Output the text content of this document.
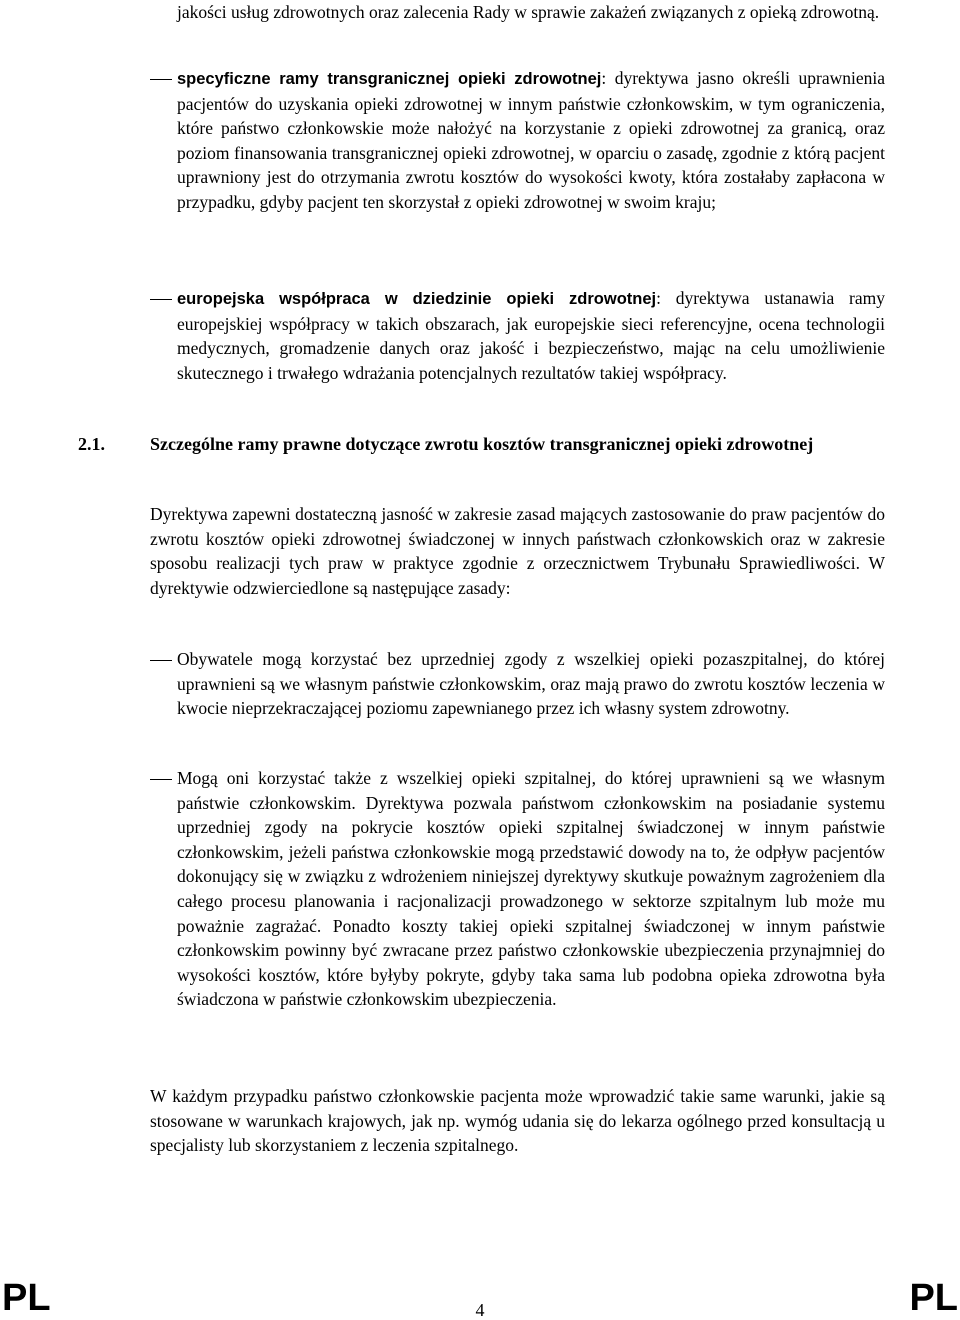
jakości usług zdrowotnych oraz zalecenia Rady w sprawie zakażeń związanych z opieką zdrowotną.

specyficzne ramy transgranicznej opieki zdrowotnej: dyrektywa jasno określi uprawnienia pacjentów do uzyskania opieki zdrowotnej w innym państwie członkowskim, w tym ograniczenia, które państwo członkowskie może nałożyć na korzystanie z opieki zdrowotnej za granicą, oraz poziom finansowania transgranicznej opieki zdrowotnej, w oparciu o zasadę, zgodnie z którą pacjent uprawniony jest do otrzymania zwrotu kosztów do wysokości kwoty, która zostałaby zapłacona w przypadku, gdyby pacjent ten skorzystał z opieki zdrowotnej w swoim kraju;

europejska współpraca w dziedzinie opieki zdrowotnej: dyrektywa ustanawia ramy europejskiej współpracy w takich obszarach, jak europejskie sieci referencyjne, ocena technologii medycznych, gromadzenie danych oraz jakość i bezpieczeństwo, mając na celu umożliwienie skutecznego i trwałego wdrażania potencjalnych rezultatów takiej współpracy.

2.1.	Szczególne ramy prawne dotyczące zwrotu kosztów transgranicznej opieki zdrowotnej

Dyrektywa zapewni dostateczną jasność w zakresie zasad mających zastosowanie do praw pacjentów do zwrotu kosztów opieki zdrowotnej świadczonej w innych państwach członkowskich oraz w zakresie sposobu realizacji tych praw w praktyce zgodnie z orzecznictwem Trybunału Sprawiedliwości. W dyrektywie odzwierciedlone są następujące zasady:

Obywatele mogą korzystać bez uprzedniej zgody z wszelkiej opieki pozaszpitalnej, do której uprawnieni są we własnym państwie członkowskim, oraz mają prawo do zwrotu kosztów leczenia w kwocie nieprzekraczającej poziomu zapewnianego przez ich własny system zdrowotny.

Mogą oni korzystać także z wszelkiej opieki szpitalnej, do której uprawnieni są we własnym państwie członkowskim. Dyrektywa pozwala państwom członkowskim na posiadanie systemu uprzedniej zgody na pokrycie kosztów opieki szpitalnej świadczonej w innym państwie członkowskim, jeżeli państwa członkowskie mogą przedstawić dowody na to, że odpływ pacjentów dokonujący się w związku z wdrożeniem niniejszej dyrektywy skutkuje poważnym zagrożeniem dla całego procesu planowania i racjonalizacji prowadzonego w sektorze szpitalnym lub może mu poważnie zagrażać. Ponadto koszty takiej opieki szpitalnej świadczonej w innym państwie członkowskim powinny być zwracane przez państwo członkowskie ubezpieczenia przynajmniej do wysokości kosztów, które byłyby pokryte, gdyby taka sama lub podobna opieka zdrowotna była świadczona w państwie członkowskim ubezpieczenia.

W każdym przypadku państwo członkowskie pacjenta może wprowadzić takie same warunki, jakie są stosowane w warunkach krajowych, jak np. wymóg udania się do lekarza ogólnego przed konsultacją u specjalisty lub skorzystaniem z leczenia szpitalnego.

PL	4	PL
